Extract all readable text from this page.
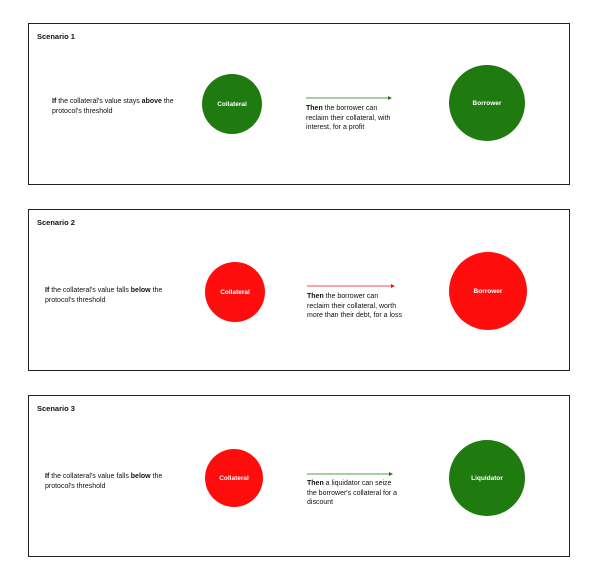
Scenario 1

If the collateral's value stays above the protocol's threshold

Collateral

Then the borrower can reclaim their collateral, with interest, for a profit

Borrower

Scenario 2

If the collateral's value falls below the protocol's threshold

Collateral

Then the borrower can reclaim their collateral, worth more than their debt, for a loss

Borrower

Scenario 3

If the collateral's value falls below the protocol's threshold

Collateral

Then a liquidator can seize the borrower's collateral for a discount

Liquidator
